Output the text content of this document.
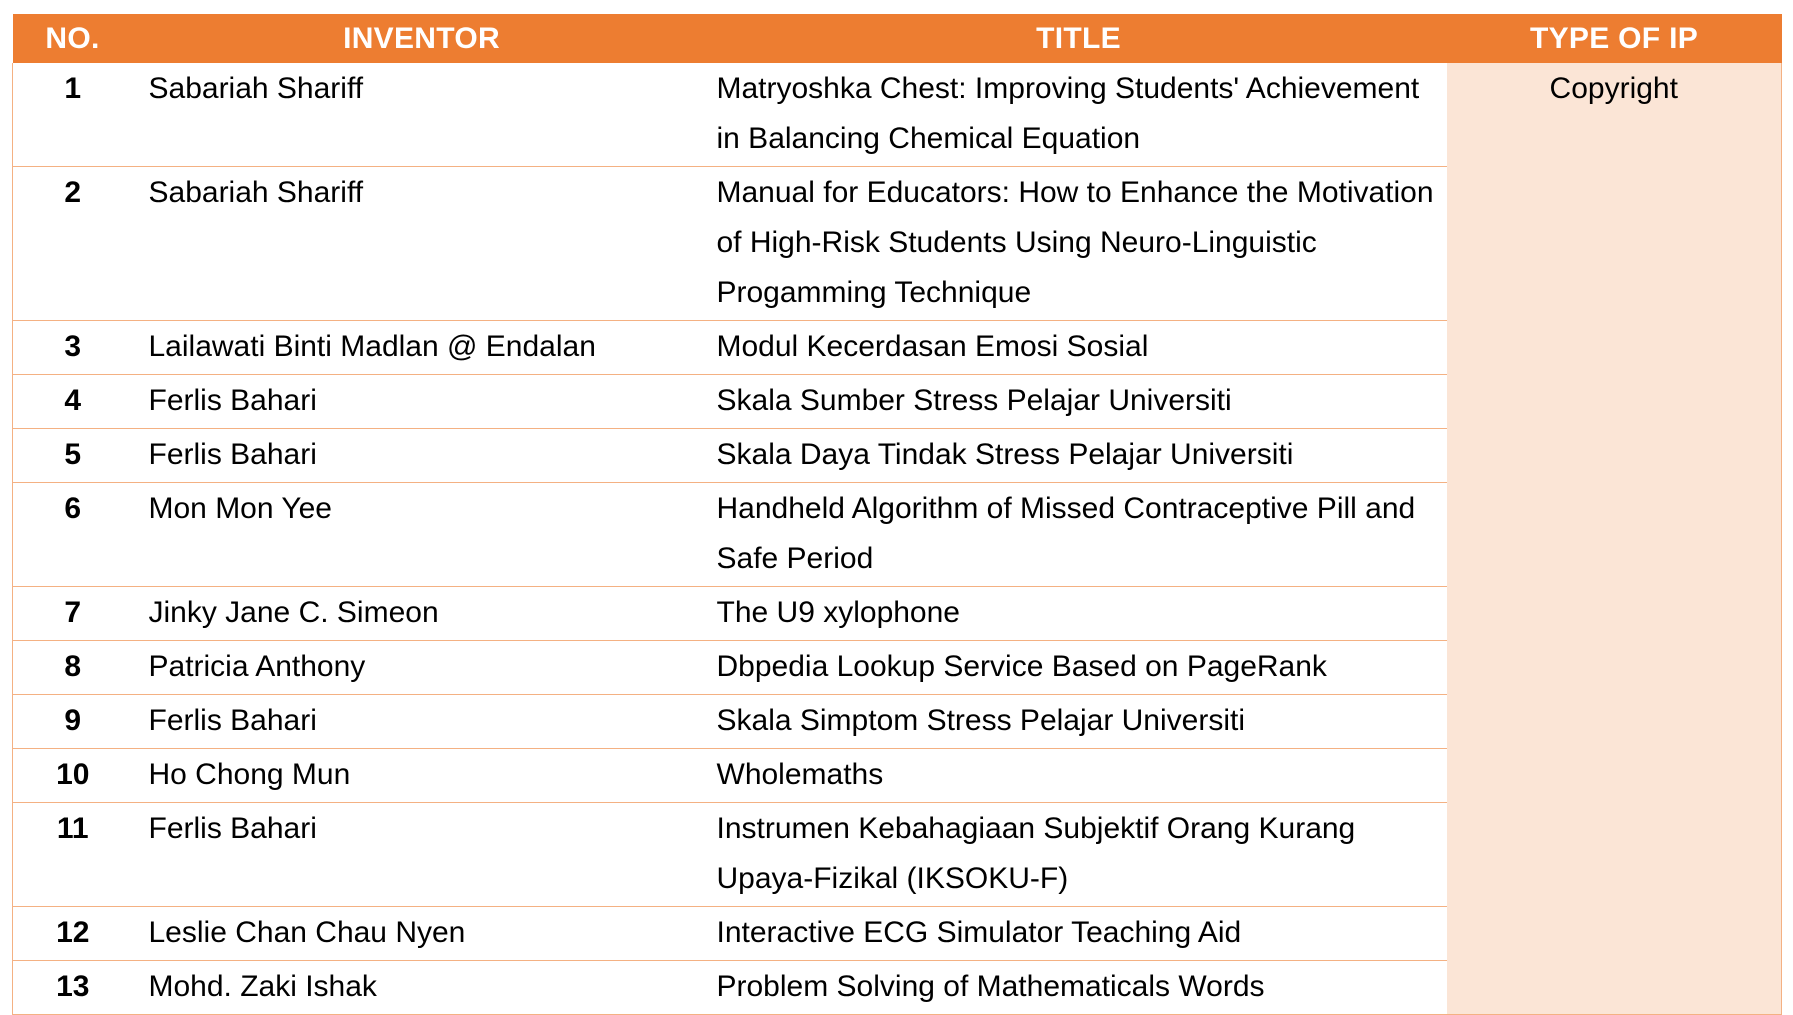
NO.	INVENTOR	TITLE	TYPE OF IP
1	Sabariah Shariff	Matryoshka Chest: Improving Students' Achievement in Balancing Chemical Equation	Copyright
2	Sabariah Shariff	Manual for Educators: How to Enhance the Motivation of High-Risk Students Using Neuro-Linguistic Progamming Technique	
3	Lailawati Binti Madlan @ Endalan	Modul Kecerdasan Emosi Sosial	
4	Ferlis Bahari	Skala Sumber Stress Pelajar Universiti	
5	Ferlis Bahari	Skala Daya Tindak Stress Pelajar Universiti	
6	Mon Mon Yee	Handheld Algorithm of Missed Contraceptive Pill and Safe Period	
7	Jinky Jane C. Simeon	The U9 xylophone	
8	Patricia Anthony	Dbpedia Lookup Service Based on PageRank	
9	Ferlis Bahari	Skala Simptom Stress Pelajar Universiti	
10	Ho Chong Mun	Wholemaths	
11	Ferlis Bahari	Instrumen Kebahagiaan Subjektif Orang Kurang Upaya-Fizikal (IKSOKU-F)	
12	Leslie Chan Chau Nyen	Interactive ECG Simulator Teaching Aid	
13	Mohd. Zaki Ishak	Problem Solving of Mathematicals Words	
